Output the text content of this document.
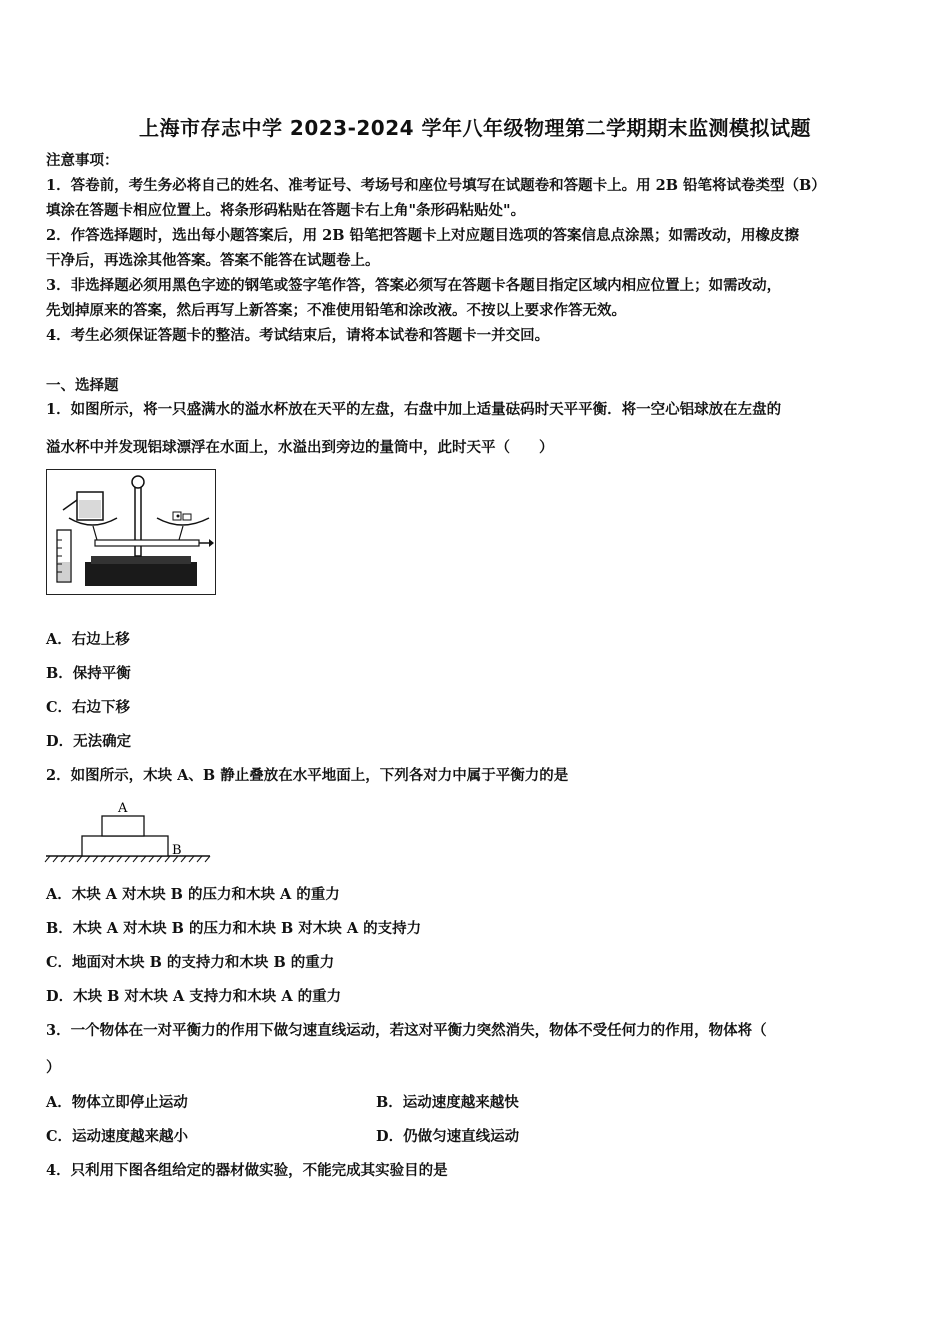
上海市存志中学 2023-2024 学年八年级物理第二学期期末监测模拟试题
注意事项：
1．答卷前，考生务必将自己的姓名、准考证号、考场号和座位号填写在试题卷和答题卡上。用 2B 铅笔将试卷类型（B）
填涂在答题卡相应位置上。将条形码粘贴在答题卡右上角"条形码粘贴处"。
2．作答选择题时，选出每小题答案后，用 2B 铅笔把答题卡上对应题目选项的答案信息点涂黑；如需改动，用橡皮擦
干净后，再选涂其他答案。答案不能答在试题卷上。
3．非选择题必须用黑色字迹的钢笔或签字笔作答，答案必须写在答题卡各题目指定区域内相应位置上；如需改动，
先划掉原来的答案，然后再写上新答案；不准使用铅笔和涂改液。不按以上要求作答无效。
4．考生必须保证答题卡的整洁。考试结束后，请将本试卷和答题卡一并交回。
一、选择题
1．如图所示，将一只盛满水的溢水杯放在天平的左盘，右盘中加上适量砝码时天平平衡．将一空心铝球放在左盘的
溢水杯中并发现铝球漂浮在水面上，水溢出到旁边的量筒中，此时天平（　　）
A．右边上移
B．保持平衡
C．右边下移
D．无法确定
2．如图所示，木块 A、B 静止叠放在水平地面上，下列各对力中属于平衡力的是
A
B
A．木块 A 对木块 B 的压力和木块 A 的重力
B．木块 A 对木块 B 的压力和木块 B 对木块 A 的支持力
C．地面对木块 B 的支持力和木块 B 的重力
D．木块 B 对木块 A 支持力和木块 A 的重力
3．一个物体在一对平衡力的作用下做匀速直线运动，若这对平衡力突然消失，物体不受任何力的作用，物体将（
）
A．物体立即停止运动	B．运动速度越来越快
C．运动速度越来越小	D．仍做匀速直线运动
4．只利用下图各组给定的器材做实验，不能完成其实验目的是
